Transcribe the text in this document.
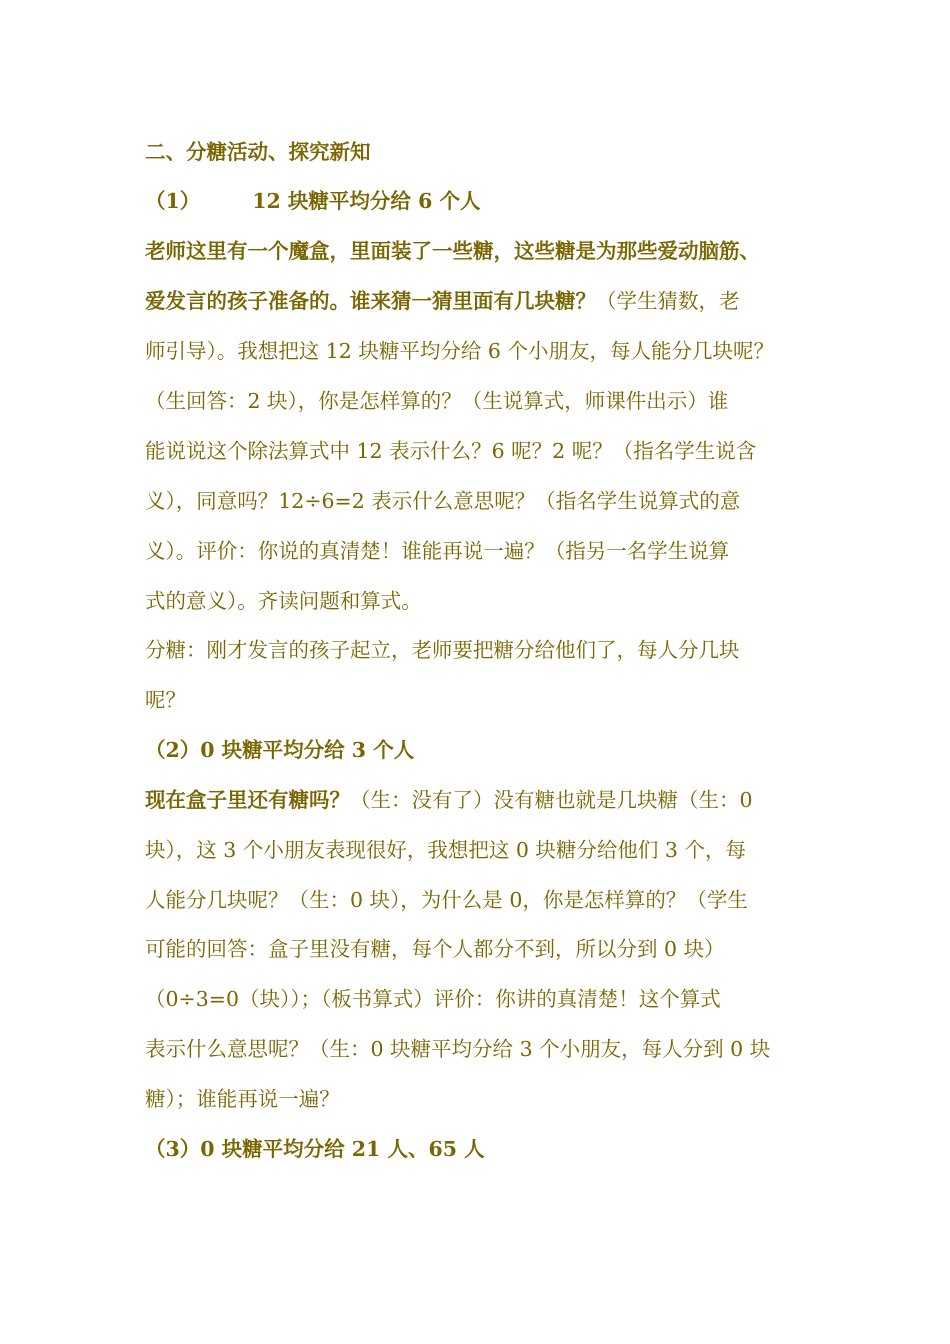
二、分糖活动、探究新知
（1）	12 块糖平均分给 6 个人
老师这里有一个魔盒，里面装了一些糖，这些糖是为那些爱动脑筋、
爱发言的孩子准备的。谁来猜一猜里面有几块糖？（学生猜数，老
师引导）。我想把这 12 块糖平均分给 6 个小朋友，每人能分几块呢？
（生回答：2 块），你是怎样算的？（生说算式，师课件出示）谁
能说说这个除法算式中 12 表示什么？6 呢？2 呢？（指名学生说含
义），同意吗？12÷6=2 表示什么意思呢？（指名学生说算式的意
义）。评价：你说的真清楚！谁能再说一遍？（指另一名学生说算
式的意义）。齐读问题和算式。
分糖：刚才发言的孩子起立，老师要把糖分给他们了，每人分几块
呢？
（2）0 块糖平均分给 3 个人
现在盒子里还有糖吗？（生：没有了）没有糖也就是几块糖（生：0
块），这 3 个小朋友表现很好，我想把这 0 块糖分给他们 3 个，每
人能分几块呢？（生：0 块），为什么是 0，你是怎样算的？（学生
可能的回答：盒子里没有糖，每个人都分不到，所以分到 0 块）
（0÷3=0（块））；（板书算式）评价：你讲的真清楚！这个算式
表示什么意思呢？（生：0 块糖平均分给 3 个小朋友，每人分到 0 块
糖）；谁能再说一遍？
（3）0 块糖平均分给 21 人、65 人
